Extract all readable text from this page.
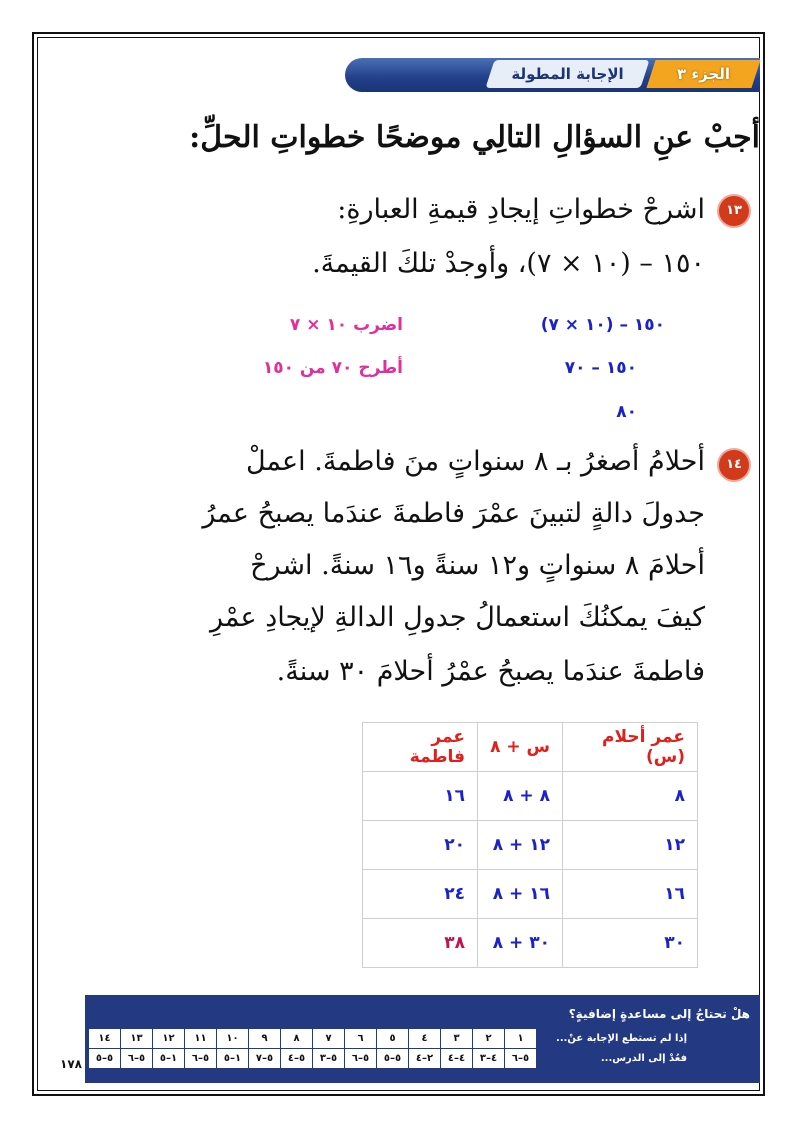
الإجابة المطولة	الجزء ٣
أجبْ عنِ السؤالِ التالِي موضحًا خطواتِ الحلِّ:
١٣
اشرحْ خطواتِ إيجادِ قيمةِ العبارةِ:
١٥٠ – (١٠ × ٧)، وأوجدْ تلكَ القيمةَ.
١٥٠ – (١٠ × ٧)
اضرب ١٠ × ٧
١٥٠ – ٧٠
أطرح ٧٠ من ١٥٠
٨٠
١٤
أحلامُ أصغرُ بـ ٨ سنواتٍ منَ فاطمةَ. اعملْ
جدولَ دالةٍ لتبينَ عمْرَ فاطمةَ عندَما يصبحُ عمرُ
أحلامَ ٨ سنواتٍ و١٢ سنةً و١٦ سنةً. اشرحْ
كيفَ يمكنُكَ استعمالُ جدولِ الدالةِ لإيجادِ عمْرِ
فاطمةَ عندَما يصبحُ عمْرُ أحلامَ ٣٠ سنةً.
عمر أحلام (س)	س + ٨	عمر فاطمة
٨	٨ + ٨	١٦
١٢	١٢ + ٨	٢٠
١٦	١٦ + ٨	٢٤
٣٠	٣٠ + ٨	٣٨
هلْ تحتاجُ إلى مساعدةٍ إضافيةٍ؟
إذا لم تستطع الإجابة عنْ...	١	٢	٣	٤	٥	٦	٧	٨	٩	١٠	١١	١٢	١٣	١٤
فعُدْ إلى الدرس...	٥–٦	٤–٣	٤–٤	٢–٤	٥–٥	٥–٦	٥–٣	٥–٤	٥–٧	١–٥	٥–٦	١–٥	٥–٦	٥–٥
١٧٨
